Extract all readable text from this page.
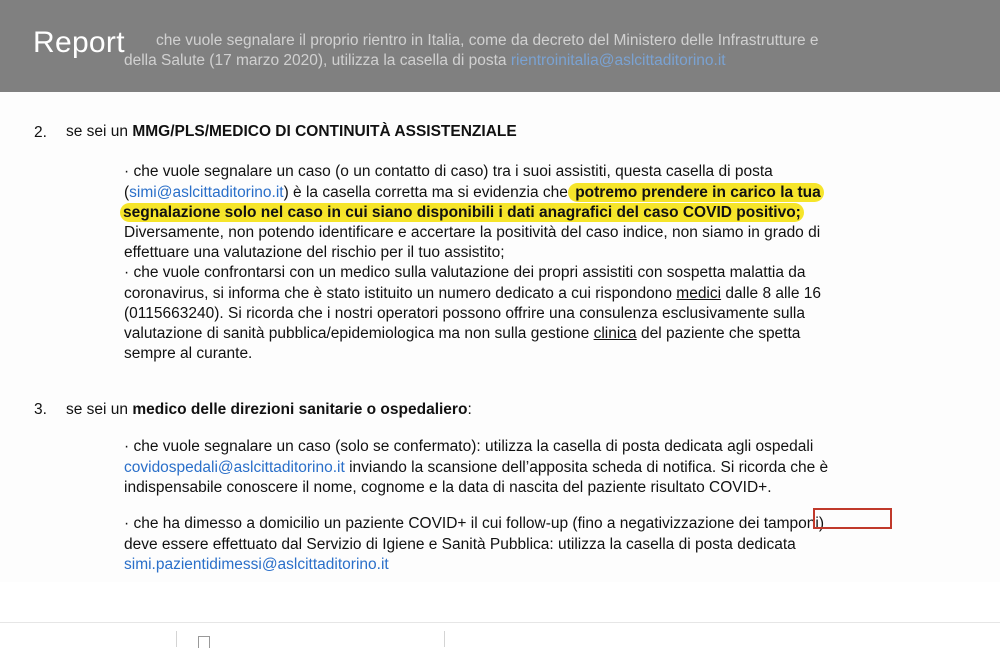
2. se sei un MMG/PLS/MEDICO DI CONTINUITÀ ASSISTENZIALE
· che vuole segnalare un caso (o un contatto di caso) tra i suoi assistiti, questa casella di posta
(simi@aslcittaditorino.it) è la casella corretta ma si evidenzia che potremo prendere in carico la tua
segnalazione solo nel caso in cui siano disponibili i dati anagrafici del caso COVID positivo;
Diversamente, non potendo identificare e accertare la positività del caso indice, non siamo in grado di
effettuare una valutazione del rischio per il tuo assistito;
· che vuole confrontarsi con un medico sulla valutazione dei propri assistiti con sospetta malattia da
coronavirus, si informa che è stato istituito un numero dedicato a cui rispondono medici dalle 8 alle 16
(0115663240). Si ricorda che i nostri operatori possono offrire una consulenza esclusivamente sulla
valutazione di sanità pubblica/epidemiologica ma non sulla gestione clinica del paziente che spetta
sempre al curante.
3. se sei un medico delle direzioni sanitarie o ospedaliero:
· che vuole segnalare un caso (solo se confermato): utilizza la casella di posta dedicata agli ospedali
covidospedali@aslcittaditorino.it inviando la scansione dell’apposita scheda di notifica. Si ricorda che è
indispensabile conoscere il nome, cognome e la data di nascita del paziente risultato COVID+.
· che ha dimesso a domicilio un paziente COVID+ il cui follow-up (fino a negativizzazione dei tamponi)
deve essere effettuato dal Servizio di Igiene e Sanità Pubblica: utilizza la casella di posta dedicata
simi.pazientidimessi@aslcittaditorino.it
che vuole segnalare il proprio rientro in Italia, come da decreto del Ministero delle Infrastrutture e
della Salute (17 marzo 2020), utilizza la casella di posta rientroinitalia@aslcittaditorino.it
Report
